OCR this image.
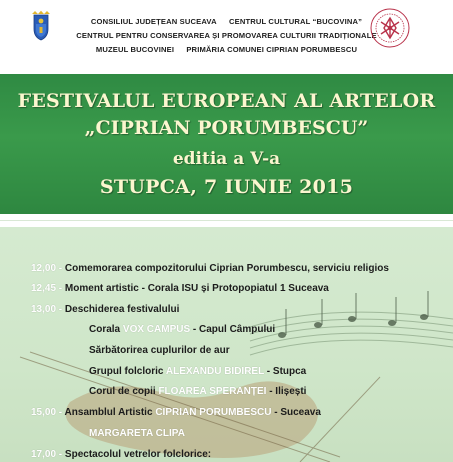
CONSILIUL JUDEȚEAN SUCEAVA CENTRUL CULTURAL “BUCOVINA”
CENTRUL PENTRU CONSERVAREA ȘI PROMOVAREA CULTURII TRADIȚIONALE
MUZEUL BUCOVINEI PRIMĂRIA COMUNEI CIPRIAN PORUMBESCU
FESTIVALUL EUROPEAN AL ARTELOR
„CIPRIAN PORUMBESCU”
editia a V-a
STUPCA, 7 IUNIE 2015
12,00 - Comemorarea compozitorului Ciprian Porumbescu, serviciu religios
12,45 - Moment artistic - Corala ISU și Protopopiatul 1 Suceava
13,00 - Deschiderea festivalului
Corala VOX CAMPUS - Capul Câmpului
Sărbătorirea cuplurilor de aur
Grupul folcloric ALEXANDU BIDIREL - Stupca
Corul de copii FLOAREA SPERANȚEI - Ilișești
15,00 - Ansamblul Artistic CIPRIAN PORUMBESCU - Suceava
MARGARETA CLIPA
17,00 - Spectacolul vetrelor folclorice:
